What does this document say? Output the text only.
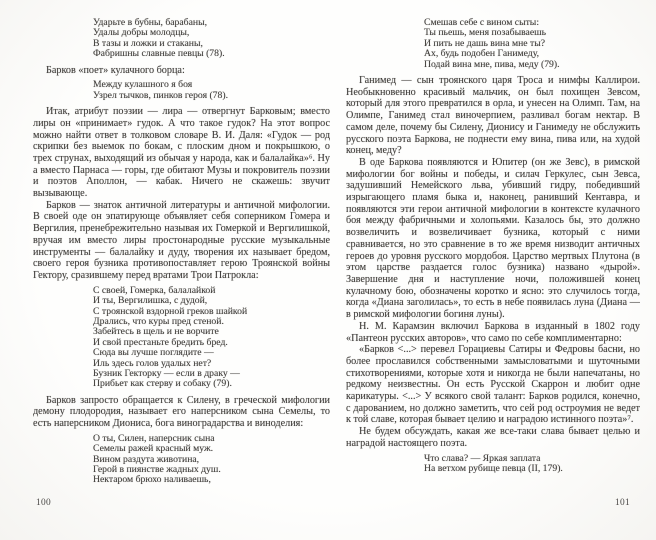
Ударьте в бубны, барабаны,
Удалы добры молодцы,
В тазы и ложки и стаканы,
Фабришны славные певцы (78).

Барков «поет» кулачного борца:

Между кулашного я боя
Узрел тычков, пинков героя (78).

Итак, атрибут поэзии — лира — отвергнут Барковым; вместо лиры он «принимает» гудок. А что такое гудок? На этот вопрос можно найти ответ в толковом словаре В. И. Даля: «Гудок — род скрипки без выемок по бокам, с плоским дном и покрышкою, о трех струнах, выходящий из обычая у народа, как и балалайка»⁶. Ну а вместо Парнаса — горы, где обитают Музы и покровитель поэзии и поэтов Аполлон, — кабак. Ничего не скажешь: звучит вызывающе.

Барков — знаток античной литературы и античной мифологии. В своей оде он эпатирующе объявляет себя соперником Гомера и Вергилия, пренебрежительно называя их Гомеркой и Вергилишкой, вручая им вместо лиры простонародные русские музыкальные инструменты — балалайку и дуду, творения их называет бредом, своего героя бузника противопоставляет герою Троянской войны Гектору, сразившему перед вратами Трои Патрокла:

С своей, Гомерка, балалайкой
И ты, Вергилишка, с дудой,
С троянской вздорной греков шайкой
Дрались, что куры пред стеной.
Забейтесь в щель и не ворчите
И свой престаньте бредить бред.
Сюда вы лучше поглядите —
Иль здесь голов удалых нет?
Бузник Гекторку — если в драку —
Прибьет как стерву и собаку (79).

Барков запросто обращается к Силену, в греческой мифологии демону плодородия, называет его наперсником сына Семелы, то есть наперсником Диониса, бога виноградарства и виноделия:

О ты, Силен, наперсник сына
Семелы ражей красный муж.
Вином раздута животина,
Герой в пиянстве жадных душ.
Нектаром брюхо наливаешь,
100
Смешав себе с вином сыты:
Ты пьешь, меня позабываешь
И пить не дашь вина мне ты?
Ах, будь подобен Ганимеду,
Подай вина мне, пива, меду (79).

Ганимед — сын троянского царя Троса и нимфы Каллирои. Необыкновенно красивый мальчик, он был похищен Зевсом, который для этого превратился в орла, и унесен на Олимп. Там, на Олимпе, Ганимед стал виночерпием, разливал богам нектар. В самом деле, почему бы Силену, Дионису и Ганимеду не обслужить русского поэта Баркова, не поднести ему вина, пива или, на худой конец, меду?

В оде Баркова появляются и Юпитер (он же Зевс), в римской мифологии бог войны и победы, и силач Геркулес, сын Зевса, задушивший Немейского льва, убивший гидру, победивший изрыгающего пламя быка и, наконец, ранивший Кентавра, и появляются эти герои античной мифологии в контексте кулачного боя между фабричными и холопьями. Казалось бы, это должно возвеличить и возвеличивает бузника, который с ними сравнивается, но это сравнение в то же время низводит античных героев до уровня русского мордобоя. Царство мертвых Плутона (в этом царстве раздается голос бузника) названо «дырой». Завершение дня и наступление ночи, положившей конец кулачному бою, обозначены коротко и ясно: это случилось тогда, когда «Диана заголилась», то есть в небе появилась луна (Диана — в римской мифологии богиня луны).

Н. М. Карамзин включил Баркова в изданный в 1802 году «Пантеон русских авторов», что само по себе комплиментарно:

«Барков <...> перевел Горациевы Сатиры и Федровы басни, но более прославился собственными замысловатыми и шуточными стихотворениями, которые хотя и никогда не были напечатаны, но редкому неизвестны. Он есть Русской Скаррон и любит одне карикатуры. <...> У всякого свой талант: Барков родился, конечно, с дарованием, но должно заметить, что сей род остроумия не ведет к той славе, которая бывает целию и наградою истинного поэта»⁷.

Не будем обсуждать, какая же все-таки слава бывает целью и наградой настоящего поэта.

Что слава? — Яркая заплата
На ветхом рубище певца (II, 179).
101
